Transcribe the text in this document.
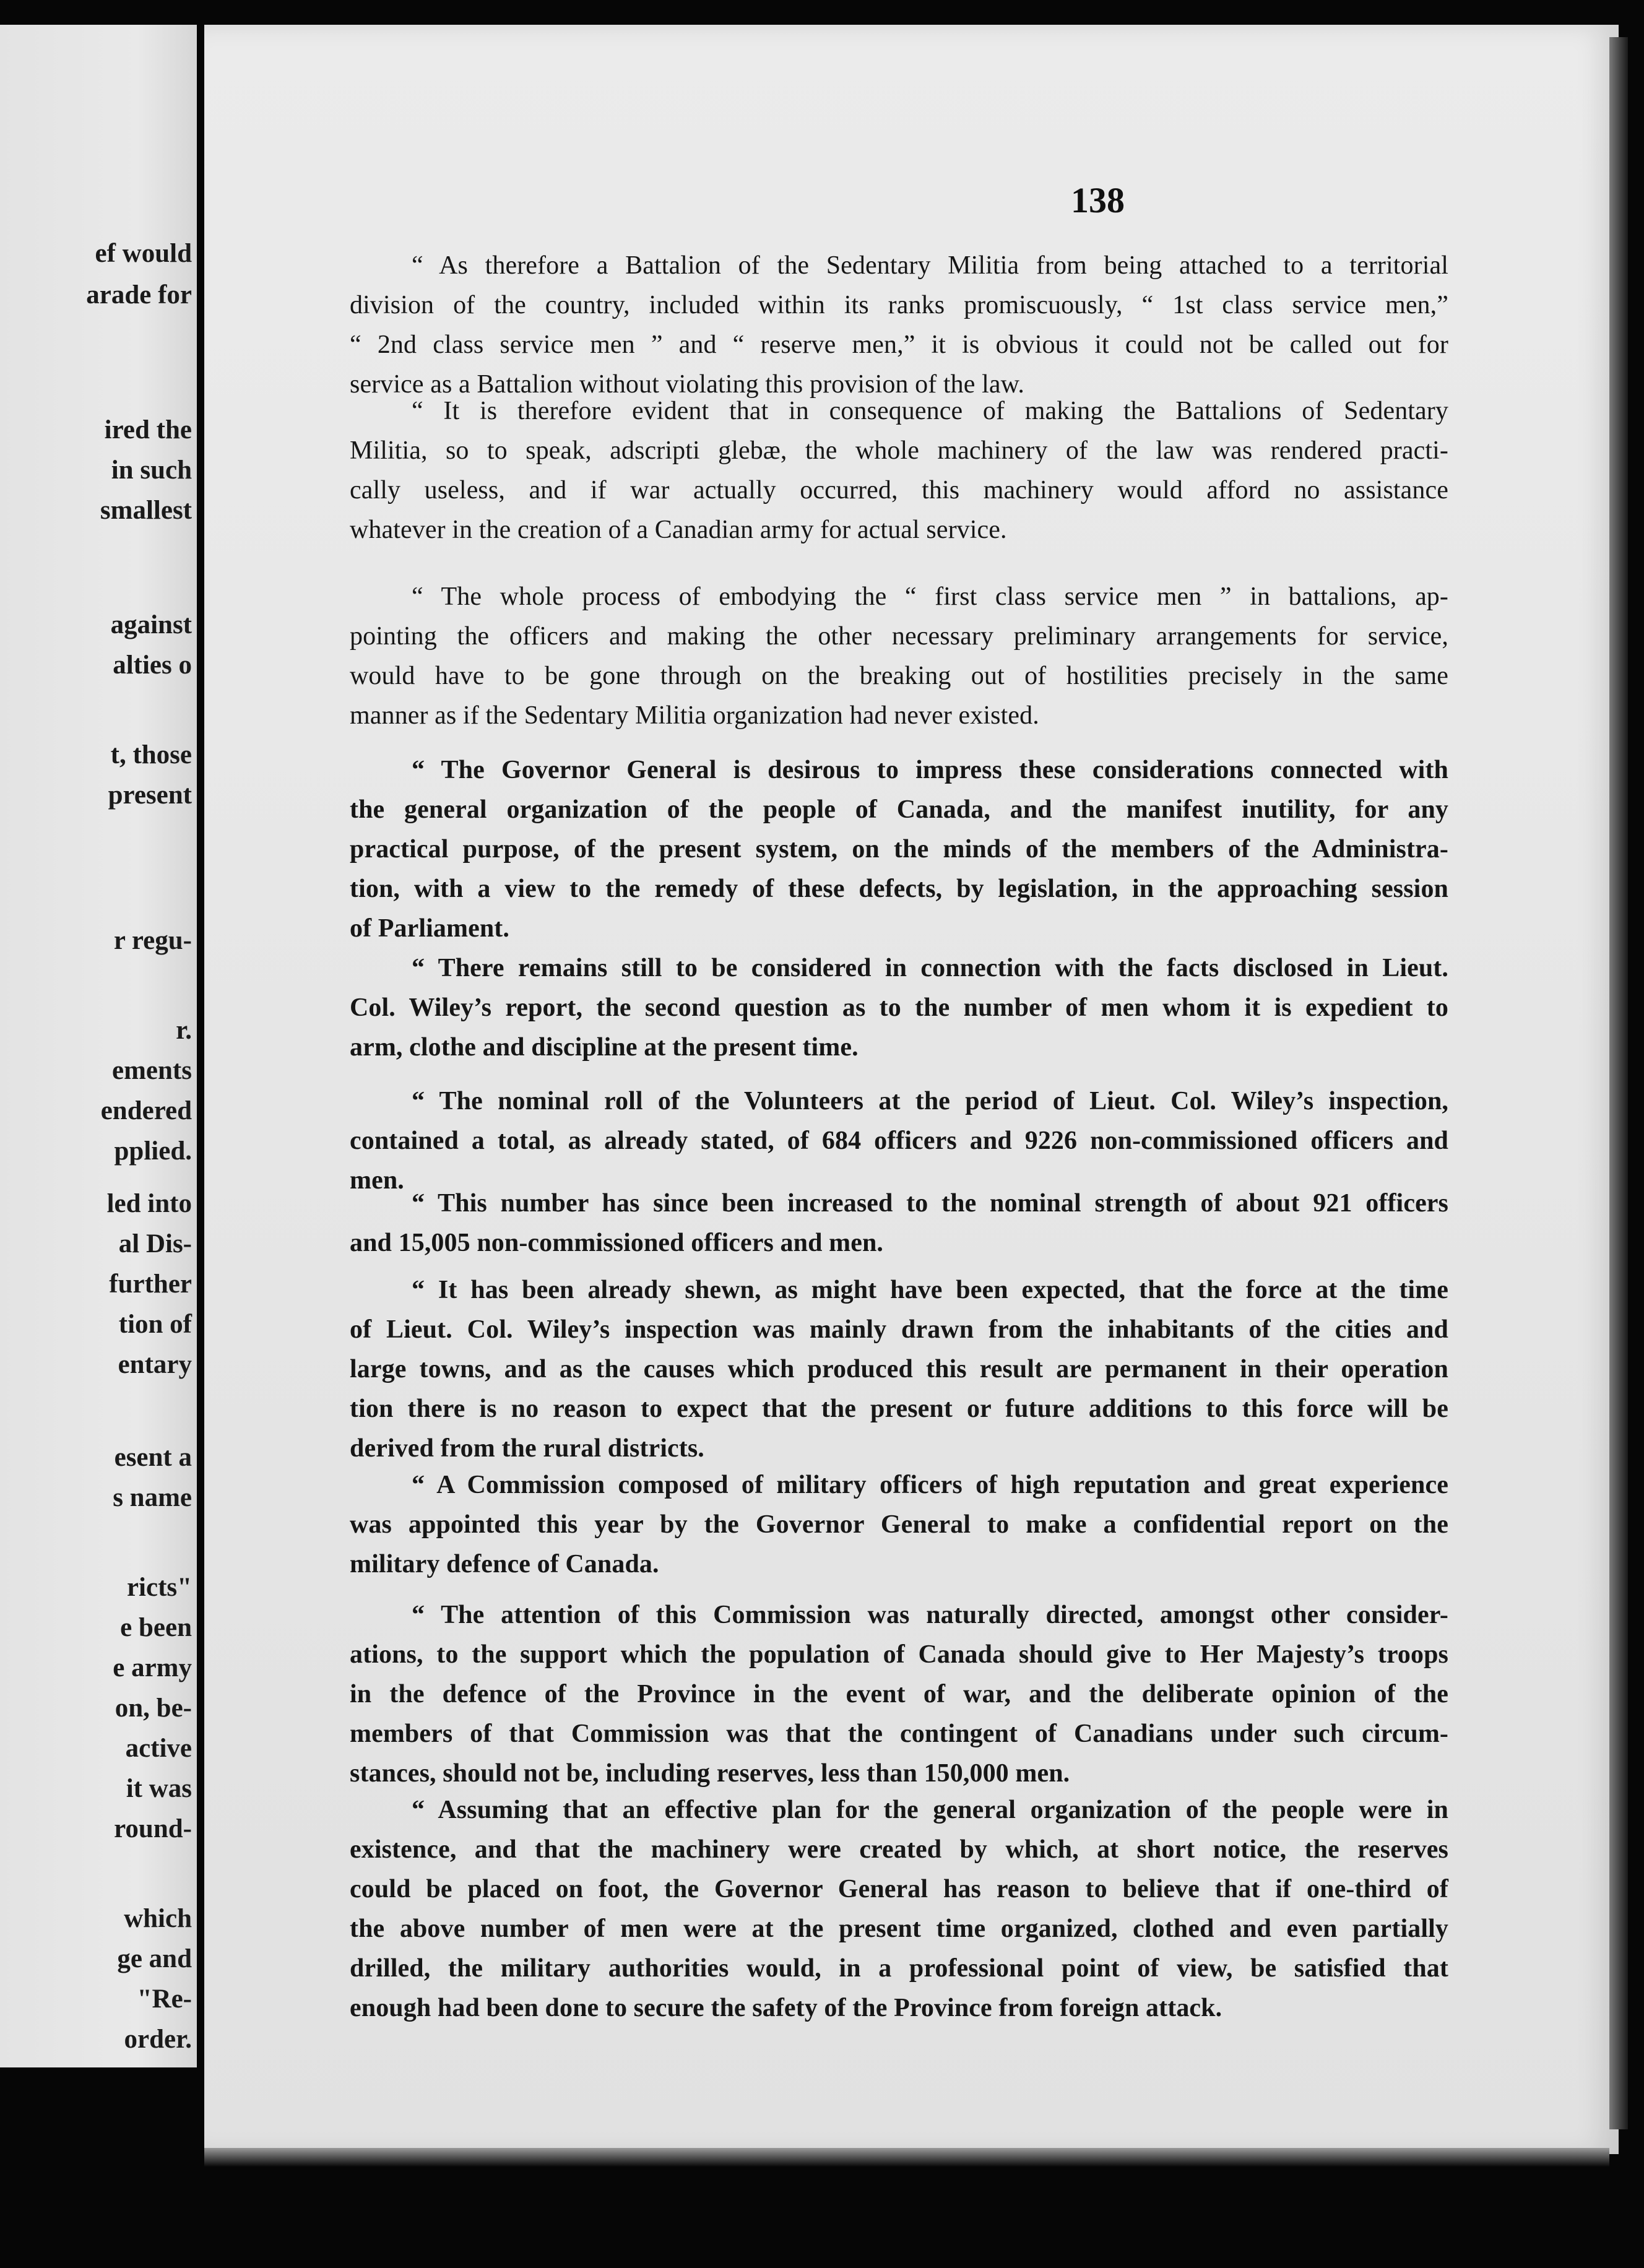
ef would
arade for
ired the
in such
smallest
against
alties o
t, those
present
r regu-
r.
ements
endered
pplied.
led into
al Dis-
further
tion of
entary
esent a
s name
ricts"
e been
e army
on, be-
active
it was
round-
which
ge and
"Re-
order.
138
“ As therefore a Battalion of the Sedentary Militia from being attached to a territorial
division of the country, included within its ranks promiscuously, “ 1st class service men,”
“ 2nd class service men ” and “ reserve men,” it is obvious it could not be called out for
service as a Battalion without violating this provision of the law.
“ It is therefore evident that in consequence of making the Battalions of Sedentary
Militia, so to speak, adscripti glebæ, the whole machinery of the law was rendered practi-
cally useless, and if war actually occurred, this machinery would afford no assistance
whatever in the creation of a Canadian army for actual service.
“ The whole process of embodying the “ first class service men ” in battalions, ap-
pointing the officers and making the other necessary preliminary arrangements for service,
would have to be gone through on the breaking out of hostilities precisely in the same
manner as if the Sedentary Militia organization had never existed.
“ The Governor General is desirous to impress these considerations connected with
the general organization of the people of Canada, and the manifest inutility, for any
practical purpose, of the present system, on the minds of the members of the Administra-
tion, with a view to the remedy of these defects, by legislation, in the approaching session
of Parliament.
“ There remains still to be considered in connection with the facts disclosed in Lieut.
Col. Wiley’s report, the second question as to the number of men whom it is expedient to
arm, clothe and discipline at the present time.
“ The nominal roll of the Volunteers at the period of Lieut. Col. Wiley’s inspection,
contained a total, as already stated, of 684 officers and 9226 non-commissioned officers and
men.
“ This number has since been increased to the nominal strength of about 921 officers
and 15,005 non-commissioned officers and men.
“ It has been already shewn, as might have been expected, that the force at the time
of Lieut. Col. Wiley’s inspection was mainly drawn from the inhabitants of the cities and
large towns, and as the causes which produced this result are permanent in their operation
tion there is no reason to expect that the present or future additions to this force will be
derived from the rural districts.
“ A Commission composed of military officers of high reputation and great experience
was appointed this year by the Governor General to make a confidential report on the
military defence of Canada.
“ The attention of this Commission was naturally directed, amongst other consider-
ations, to the support which the population of Canada should give to Her Majesty’s troops
in the defence of the Province in the event of war, and the deliberate opinion of the
members of that Commission was that the contingent of Canadians under such circum-
stances, should not be, including reserves, less than 150,000 men.
“ Assuming that an effective plan for the general organization of the people were in
existence, and that the machinery were created by which, at short notice, the reserves
could be placed on foot, the Governor General has reason to believe that if one-third of
the above number of men were at the present time organized, clothed and even partially
drilled, the military authorities would, in a professional point of view, be satisfied that
enough had been done to secure the safety of the Province from foreign attack.
